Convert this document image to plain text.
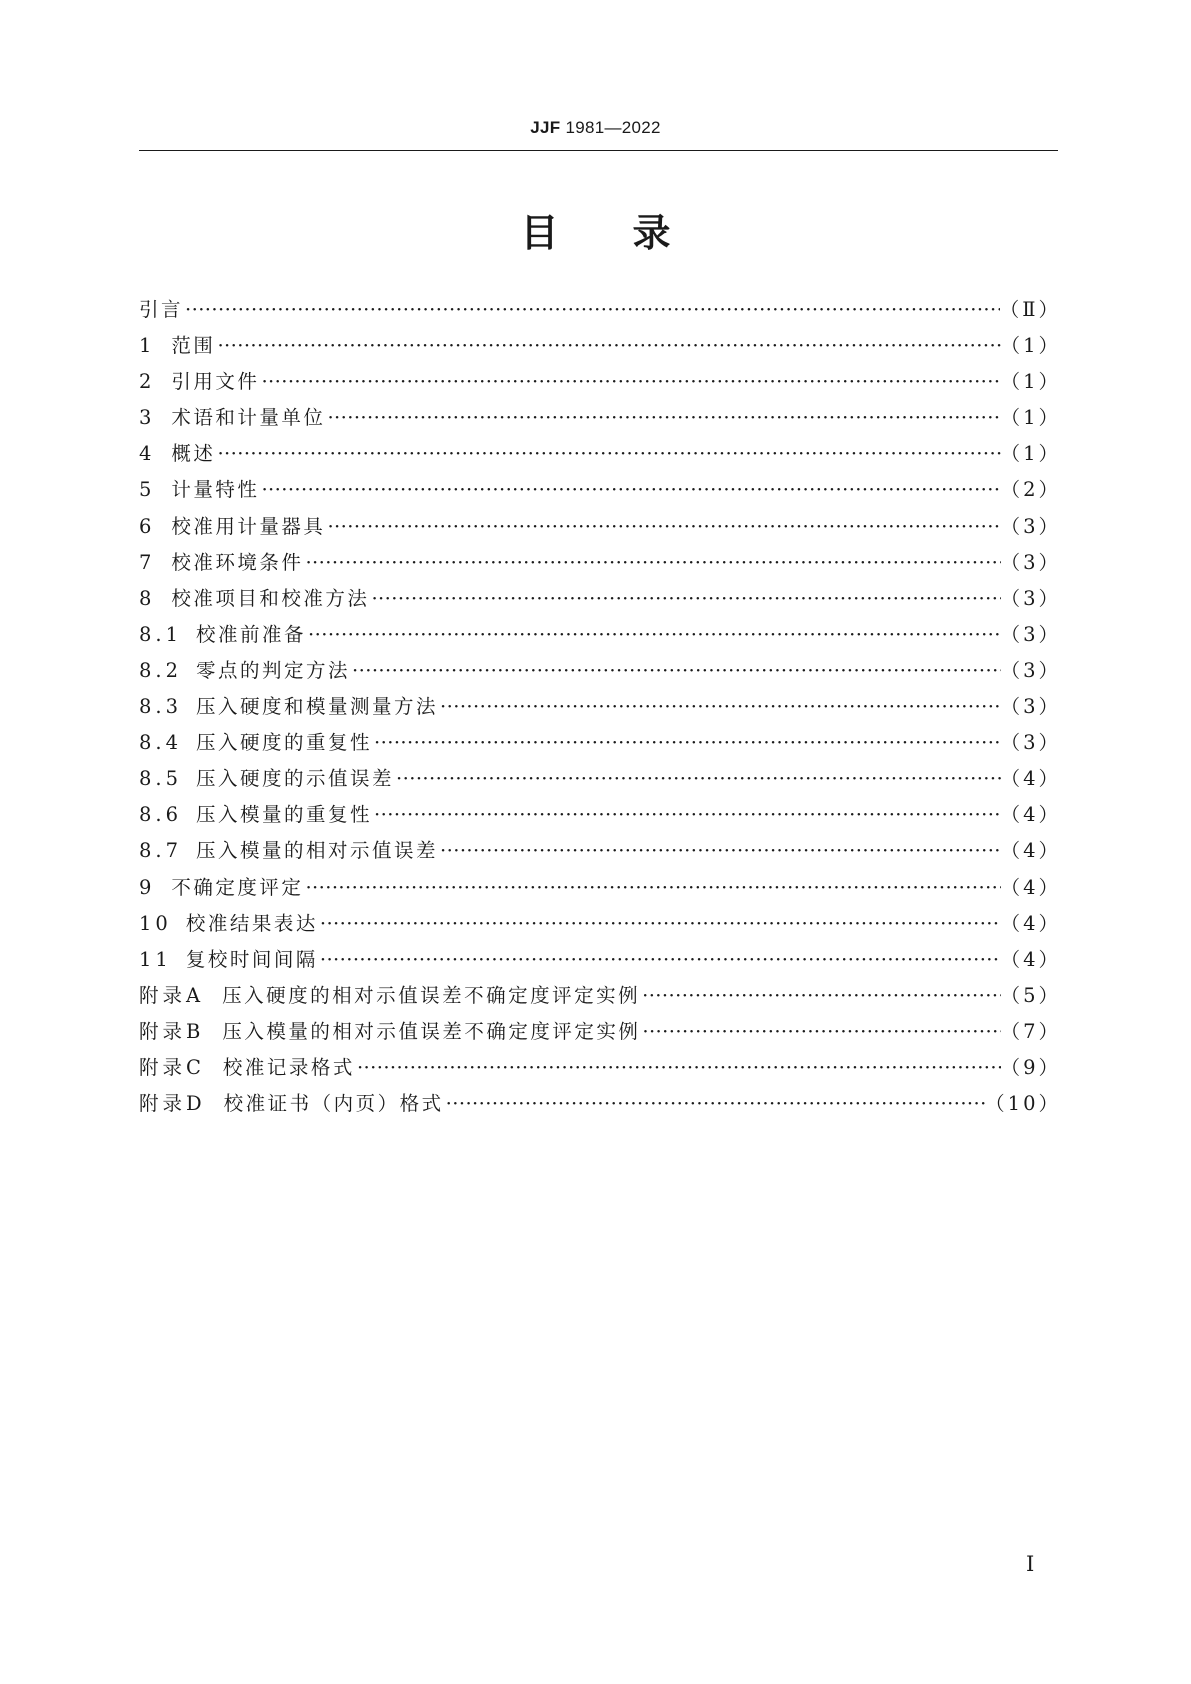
JJF 1981—2022
目录
引言 ·····	（Ⅱ）
1 范围 ·····	（1）
2 引用文件 ·····	（1）
3 术语和计量单位 ·····	（1）
4 概述 ·····	（1）
5 计量特性 ·····	（2）
6 校准用计量器具 ·····	（3）
7 校准环境条件 ·····	（3）
8 校准项目和校准方法 ·····	（3）
8.1 校准前准备 ·····	（3）
8.2 零点的判定方法 ·····	（3）
8.3 压入硬度和模量测量方法 ·····	（3）
8.4 压入硬度的重复性 ·····	（3）
8.5 压入硬度的示值误差 ·····	（4）
8.6 压入模量的重复性 ·····	（4）
8.7 压入模量的相对示值误差 ·····	（4）
9 不确定度评定 ·····	（4）
10 校准结果表达 ·····	（4）
11 复校时间间隔 ·····	（4）
附录A 压入硬度的相对示值误差不确定度评定实例 ·····	（5）
附录B 压入模量的相对示值误差不确定度评定实例 ·····	（7）
附录C 校准记录格式 ·····	（9）
附录D 校准证书（内页）格式 ·····	（10）
Ⅰ
